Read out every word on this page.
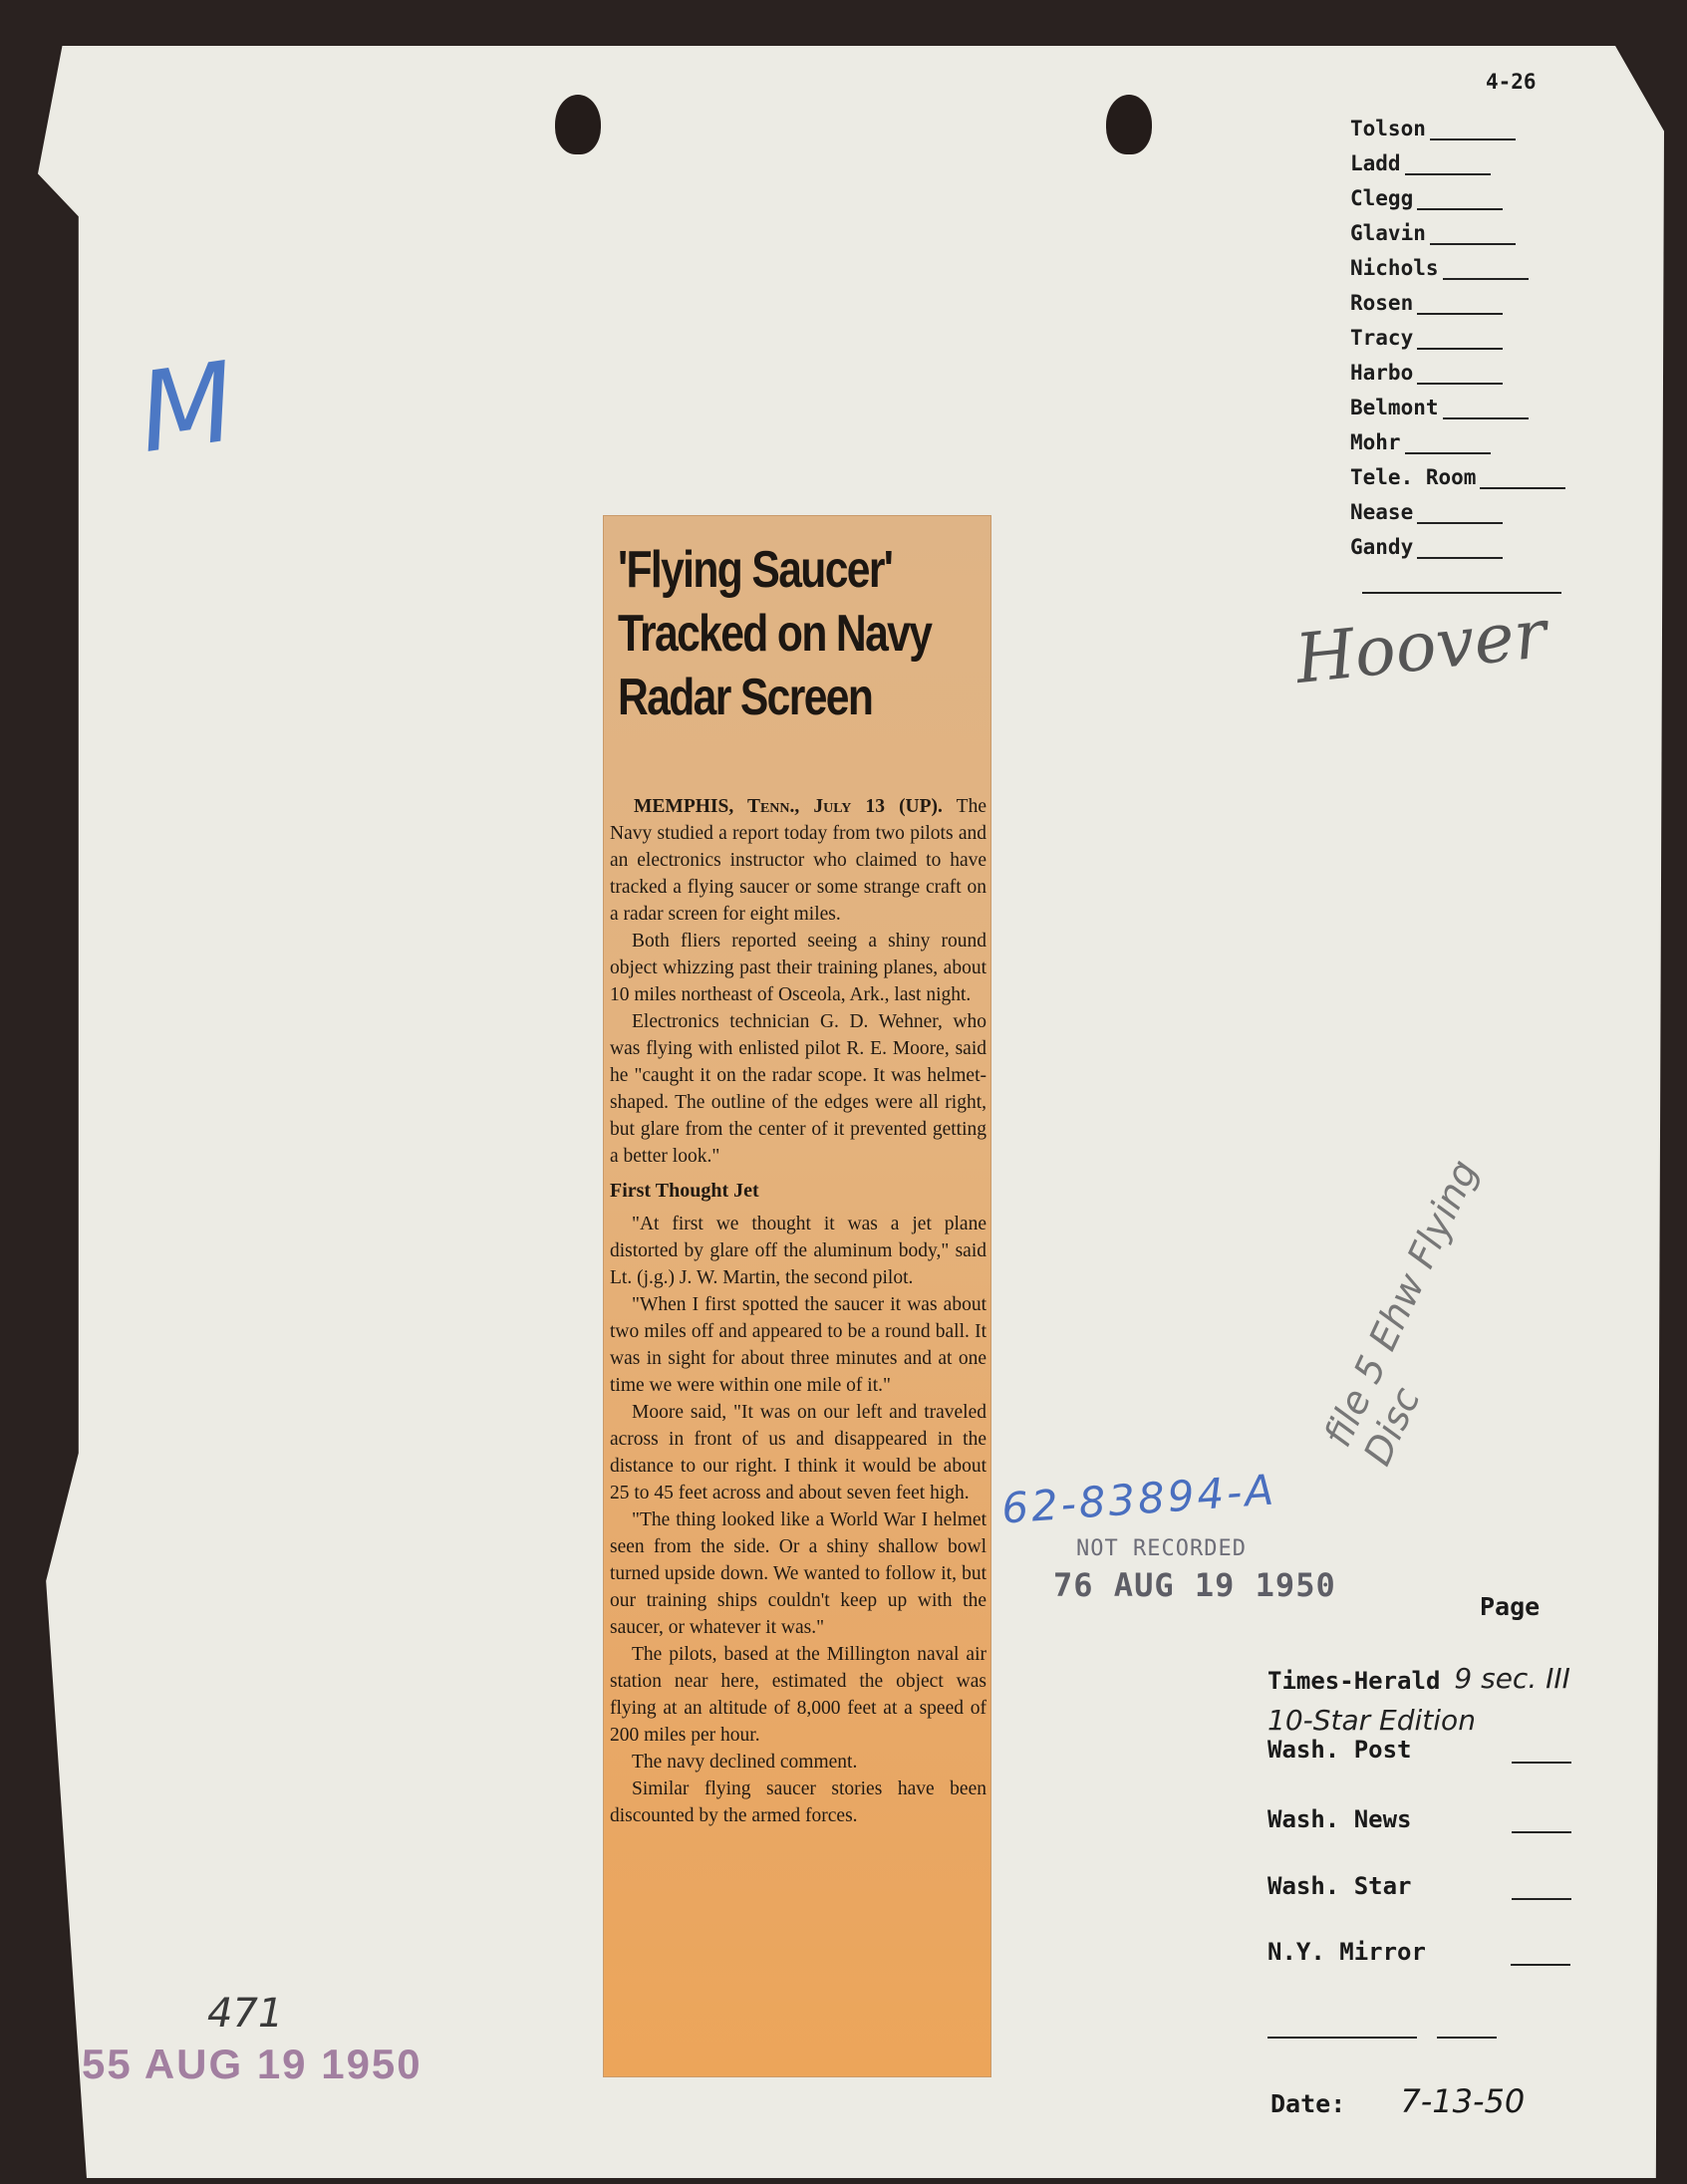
4-26
Tolson
Ladd
Clegg
Glavin
Nichols
Rosen
Tracy
Harbo
Belmont
Mohr
Tele. Room
Nease
Gandy
M
'Flying Saucer'
Tracked on Navy
Radar Screen

MEMPHIS, Tenn., July 13 (UP). The Navy studied a report today from two pilots and an electronics instructor who claimed to have tracked a flying saucer or some strange craft on a radar screen for eight miles.

Both fliers reported seeing a shiny round object whizzing past their training planes, about 10 miles northeast of Osceola, Ark., last night.

Electronics technician G. D. Wehner, who was flying with enlisted pilot R. E. Moore, said he "caught it on the radar scope. It was helmet-shaped. The outline of the edges were all right, but glare from the center of it prevented getting a better look."

First Thought Jet

"At first we thought it was a jet plane distorted by glare off the aluminum body," said Lt. (j.g.) J. W. Martin, the second pilot.

"When I first spotted the saucer it was about two miles off and appeared to be a round ball. It was in sight for about three minutes and at one time we were within one mile of it."

Moore said, "It was on our left and traveled across in front of us and disappeared in the distance to our right. I think it would be about 25 to 45 feet across and about seven feet high.

"The thing looked like a World War I helmet seen from the side. Or a shiny shallow bowl turned upside down. We wanted to follow it, but our training ships couldn't keep up with the saucer, or whatever it was."

The pilots, based at the Millington naval air station near here, estimated the object was flying at an altitude of 8,000 feet at a speed of 200 miles per hour.

The navy declined comment.

Similar flying saucer stories have been discounted by the armed forces.

Hoover
file 5 Ehw Flying Disc
62-83894-A
NOT RECORDED
76 AUG 19 1950
471
55 AUG 19 1950
Page
Times-Herald 9 sec. III
10-Star Edition
Wash. Post
Wash. News
Wash. Star
N.Y. Mirror
Date: 7-13-50
